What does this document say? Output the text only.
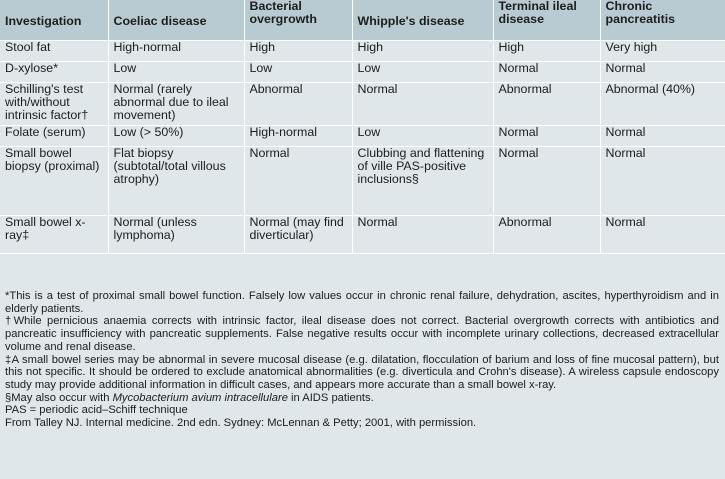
Investigation	Coeliac disease	Bacterial overgrowth	Whipple's disease	Terminal ileal disease	Chronic pancreatitis
Stool fat	High-normal	High	High	High	Very high
D-xylose*	Low	Low	Low	Normal	Normal
Schilling's test with/without intrinsic factor†	Normal (rarely abnormal due to ileal movement)	Abnormal	Normal	Abnormal	Abnormal (40%)
Folate (serum)	Low (> 50%)	High-normal	Low	Normal	Normal
Small bowel biopsy (proximal)	Flat biopsy (subtotal/total villous atrophy)	Normal	Clubbing and flattening of ville PAS-positive inclusions§	Normal	Normal
Small bowel x-ray‡	Normal (unless lymphoma)	Normal (may find diverticular)	Normal	Abnormal	Normal

*This is a test of proximal small bowel function. Falsely low values occur in chronic renal failure, dehydration, ascites, hyperthyroidism and in elderly patients.

†While pernicious anaemia corrects with intrinsic factor, ileal disease does not correct. Bacterial overgrowth corrects with antibiotics and pancreatic insufficiency with pancreatic supplements. False negative results occur with incomplete urinary collections, decreased extracellular volume and renal disease.

‡A small bowel series may be abnormal in severe mucosal disease (e.g. dilatation, flocculation of barium and loss of fine mucosal pattern), but this not specific. It should be ordered to exclude anatomical abnormalities (e.g. diverticula and Crohn's disease). A wireless capsule endoscopy study may provide additional information in difficult cases, and appears more accurate than a small bowel x-ray.

§May also occur with Mycobacterium avium intracellulare in AIDS patients.

PAS = periodic acid–Schiff technique

From Talley NJ. Internal medicine. 2nd edn. Sydney: McLennan & Petty; 2001, with permission.
